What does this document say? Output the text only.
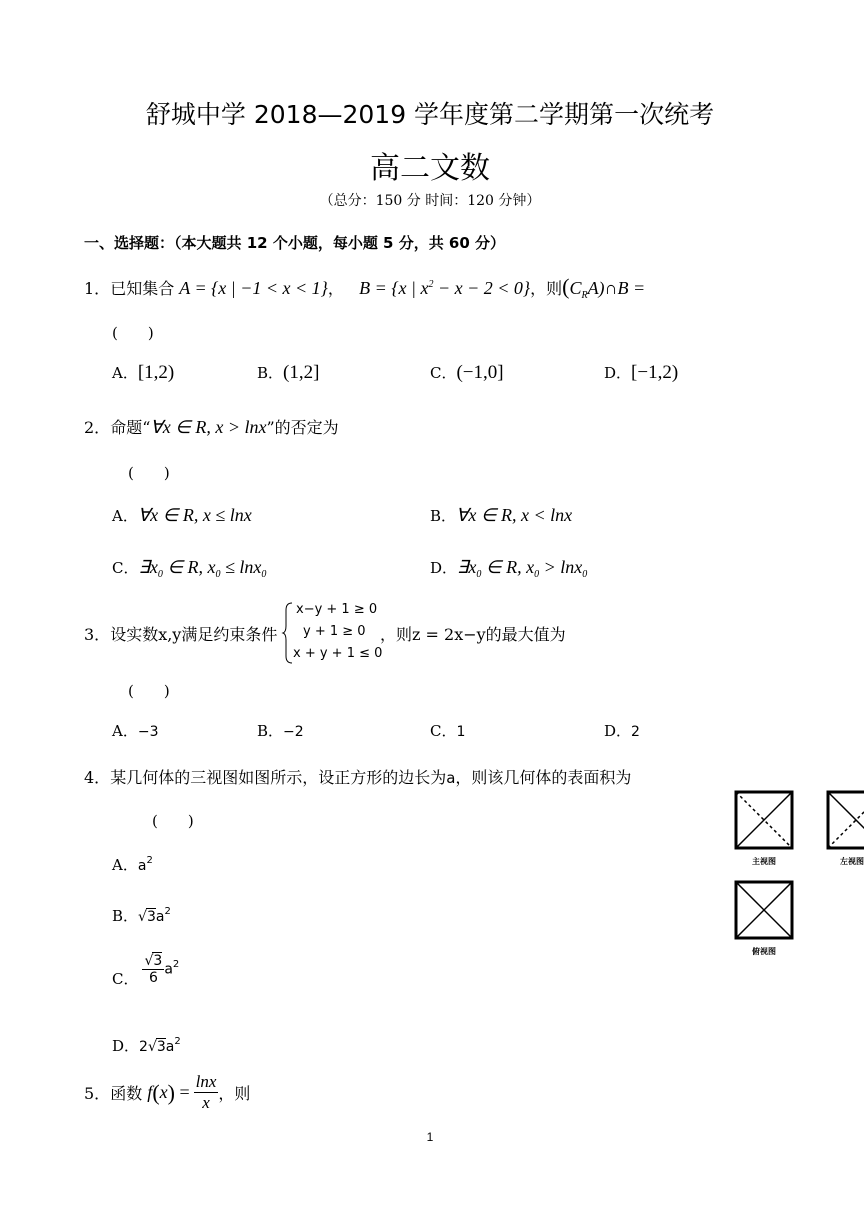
舒城中学 2018—2019 学年度第二学期第一次统考
高二文数
（总分：150 分 时间：120 分钟）
一、选择题：（本大题共 12 个小题，每小题 5 分，共 60 分）
1．已知集合 A = {x | −1 < x < 1}， B = {x | $x^2 - x - 2 < 0$}，则$(C_RA)\cap B$ =
(　　)
A．[1,2)	B．(1,2]	C．(−1,0]	D．[−1,2)
2．命题“∀x ∈ R, x > lnx”的否定为
(　　)
A．∀x ∈ R, x ≤ lnx	B．∀x ∈ R, x < lnx
C．$\exists x_0$ ∈ R, $x_0 \le \ln x_0$	D．$\exists x_0$ ∈ R, $x_0 > \ln x_0$
3．设实数x,y满足约束条件
x−y + 1 ≥ 0
y + 1 ≥ 0
x + y + 1 ≤ 0
，则z = 2x−y的最大值为
(　　)
A．−3	B．−2	C．1	D．2
4．某几何体的三视图如图所示，设正方形的边长为a，则该几何体的表面积为
(　　)
A．$a^2$
B．$√3a^2$
C． $\frac{√3}{6} a^2$
D．$2√3a^2$
主视图	左视图
俯视图
5． 函数
f ( x ) = $\frac{\ln x}{x}$ ，则
1
